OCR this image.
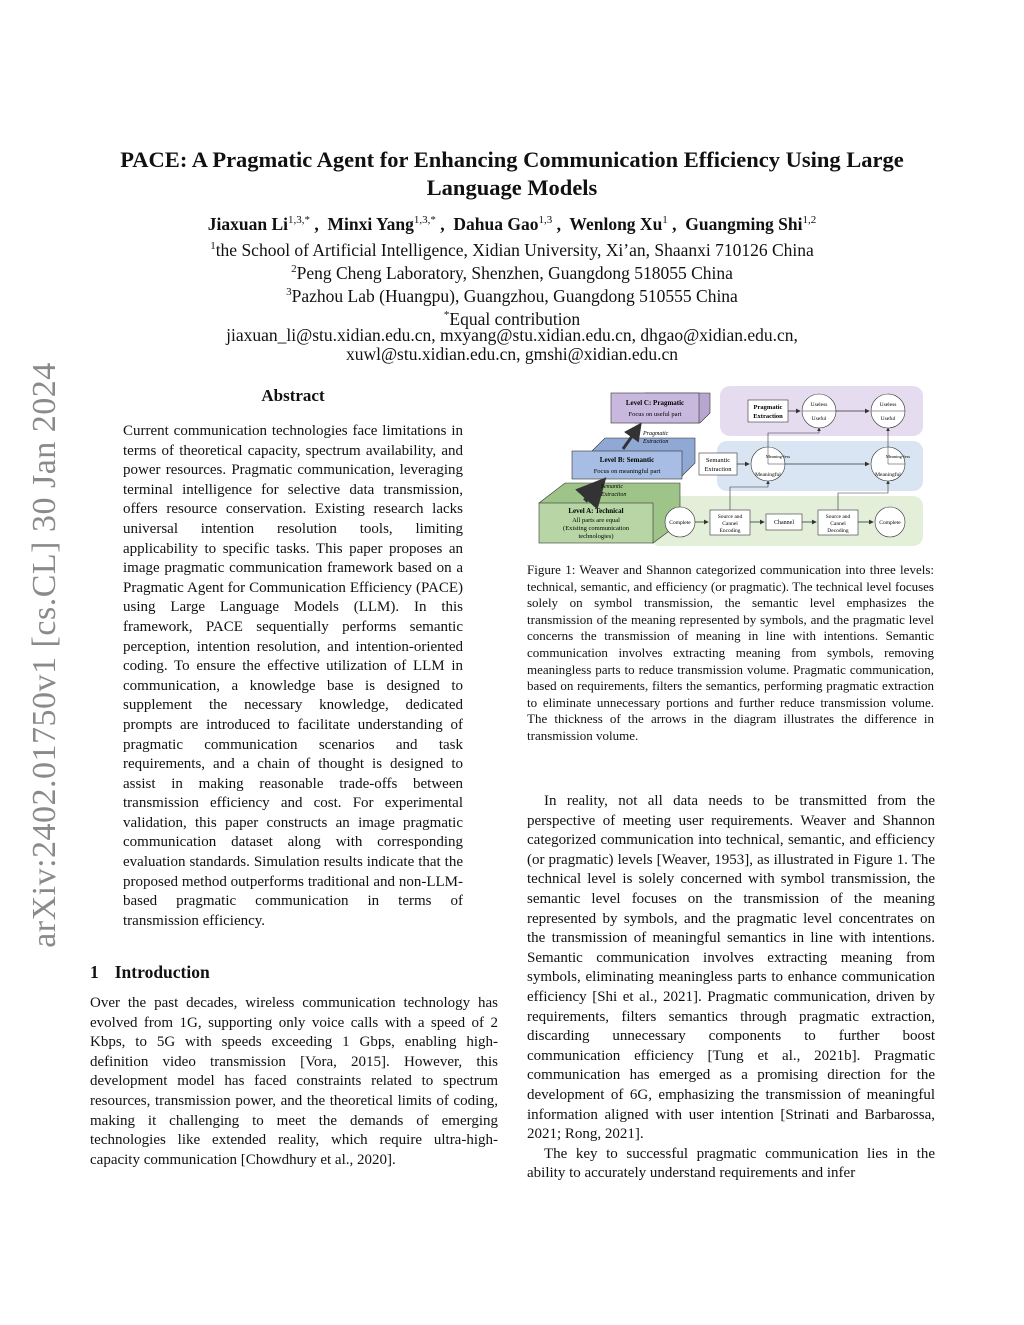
arXiv:2402.01750v1 [cs.CL] 30 Jan 2024
PACE: A Pragmatic Agent for Enhancing Communication Efficiency Using Large Language Models
Jiaxuan $Li^{1,3,*}$ ,  Minxi Yang$^{1,3,*}$ ,  Dahua Gao$^{1,3}$ ,  Wenlong Xu$^1$ ,  Guangming Shi$^{1,2}$
$^1$the School of Artificial Intelligence, Xidian University, Xi’an, Shaanxi 710126 China
$^2$Peng Cheng Laboratory, Shenzhen, Guangdong 518055 China
$^3$Pazhou Lab (Huangpu), Guangzhou, Guangdong 510555 China
*Equal contribution
jiaxuan_li@stu.xidian.edu.cn, mxyang@stu.xidian.edu.cn, dhgao@xidian.edu.cn,
xuwl@stu.xidian.edu.cn, gmshi@xidian.edu.cn
Abstract
Current communication technologies face limitations in terms of theoretical capacity, spectrum availability, and power resources. Pragmatic communication, leveraging terminal intelligence for selective data transmission, offers resource conservation. Existing research lacks universal intention resolution tools, limiting applicability to specific tasks. This paper proposes an image pragmatic communication framework based on a Pragmatic Agent for Communication Efficiency (PACE) using Large Language Models (LLM). In this framework, PACE sequentially performs semantic perception, intention resolution, and intention-oriented coding. To ensure the effective utilization of LLM in communication, a knowledge base is designed to supplement the necessary knowledge, dedicated prompts are introduced to facilitate understanding of pragmatic communication scenarios and task requirements, and a chain of thought is designed to assist in making reasonable trade-offs between transmission efficiency and cost. For experimental validation, this paper constructs an image pragmatic communication dataset along with corresponding evaluation standards. Simulation results indicate that the proposed method outperforms traditional and non-LLM-based pragmatic communication in terms of transmission efficiency.
1 Introduction
Over the past decades, wireless communication technology has evolved from 1G, supporting only voice calls with a speed of 2 Kbps, to 5G with speeds exceeding 1 Gbps, enabling high-definition video transmission [Vora, 2015]. However, this development model has faced constraints related to spectrum resources, transmission power, and the theoretical limits of coding, making it challenging to meet the demands of emerging technologies like extended reality, which require ultra-high-capacity communication [Chowdhury et al., 2020].
Level C: Pragmatic
Focus on useful part
Level B: Semantic
Focus on meaningful part
Level A: Technical
All parts are equal
(Existing communication
technologies)
Pragmatic
Extraction
Semantic
Extraction
Pragmatic
Extraction
Useless
Useful
Useless
Useful
Semantic
Extraction
Meaning-less
Meaningful
Meaning-less
Meaningful
Complete
Source and
Cannel
Encoding
Channel
Source and
Cannel
Decoding
Complete
Figure 1: Weaver and Shannon categorized communication into three levels: technical, semantic, and efficiency (or pragmatic). The technical level focuses solely on symbol transmission, the semantic level emphasizes the transmission of the meaning represented by symbols, and the pragmatic level concerns the transmission of meaning in line with intentions. Semantic communication involves extracting meaning from symbols, removing meaningless parts to reduce transmission volume. Pragmatic communication, based on requirements, filters the semantics, performing pragmatic extraction to eliminate unnecessary portions and further reduce transmission volume. The thickness of the arrows in the diagram illustrates the difference in transmission volume.

In reality, not all data needs to be transmitted from the perspective of meeting user requirements. Weaver and Shannon categorized communication into technical, semantic, and efficiency (or pragmatic) levels [Weaver, 1953], as illustrated in Figure 1. The technical level is solely concerned with symbol transmission, the semantic level focuses on the transmission of the meaning represented by symbols, and the pragmatic level concentrates on the transmission of meaningful semantics in line with intentions. Semantic communication involves extracting meaning from symbols, eliminating meaningless parts to enhance communication efficiency [Shi et al., 2021]. Pragmatic communication, driven by requirements, filters semantics through pragmatic extraction, discarding unnecessary components to further boost communication efficiency [Tung et al., 2021b]. Pragmatic communication has emerged as a promising direction for the development of 6G, emphasizing the transmission of meaningful information aligned with user intention [Strinati and Barbarossa, 2021; Rong, 2021].

The key to successful pragmatic communication lies in the ability to accurately understand requirements and infer
